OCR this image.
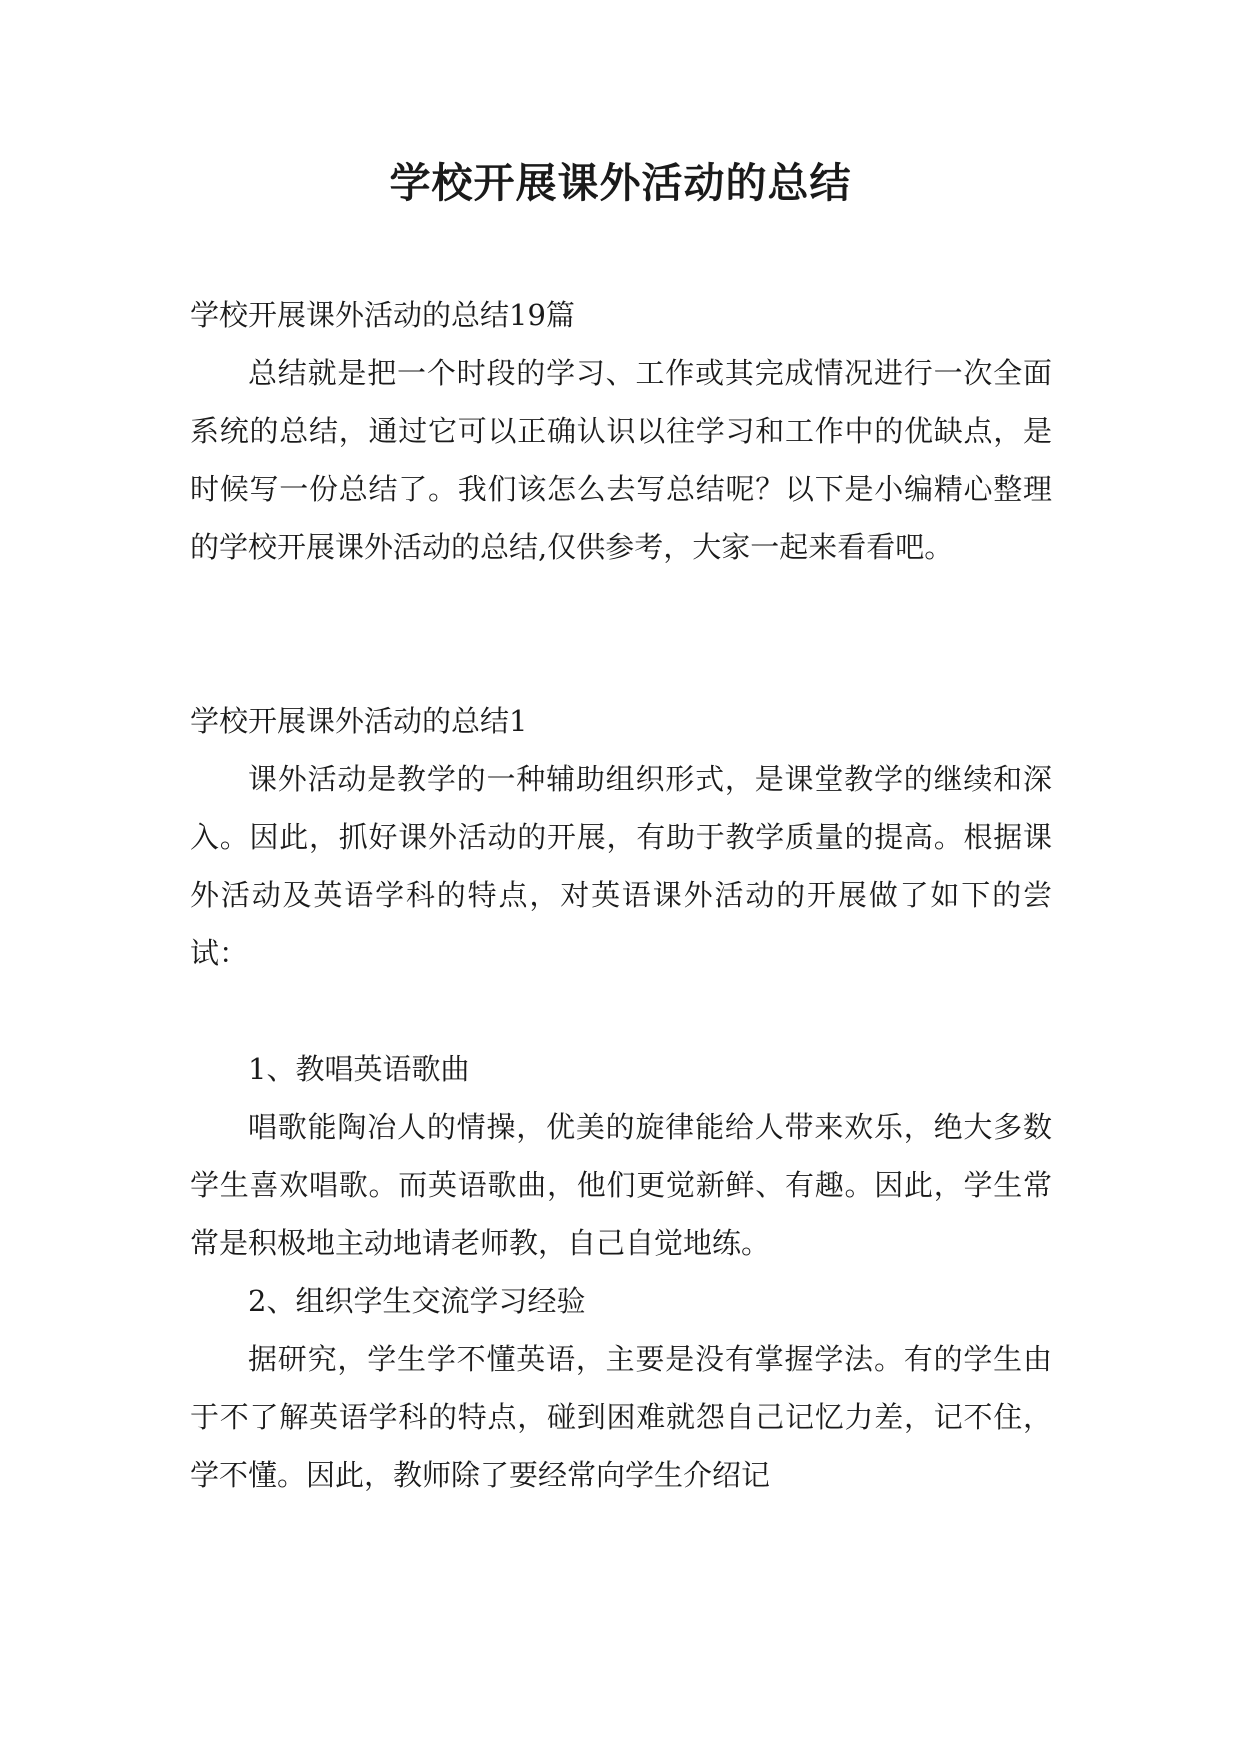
学校开展课外活动的总结

学校开展课外活动的总结19篇

总结就是把一个时段的学习、工作或其完成情况进行一次全面系统的总结，通过它可以正确认识以往学习和工作中的优缺点，是时候写一份总结了。我们该怎么去写总结呢？以下是小编精心整理的学校开展课外活动的总结,仅供参考，大家一起来看看吧。

学校开展课外活动的总结1

课外活动是教学的一种辅助组织形式，是课堂教学的继续和深入。因此，抓好课外活动的开展，有助于教学质量的提高。根据课外活动及英语学科的特点，对英语课外活动的开展做了如下的尝试：

1、教唱英语歌曲

唱歌能陶冶人的情操，优美的旋律能给人带来欢乐，绝大多数学生喜欢唱歌。而英语歌曲，他们更觉新鲜、有趣。因此，学生常常是积极地主动地请老师教，自己自觉地练。

2、组织学生交流学习经验

据研究，学生学不懂英语，主要是没有掌握学法。有的学生由于不了解英语学科的特点，碰到困难就怨自己记忆力差，记不住，学不懂。因此，教师除了要经常向学生介绍记
